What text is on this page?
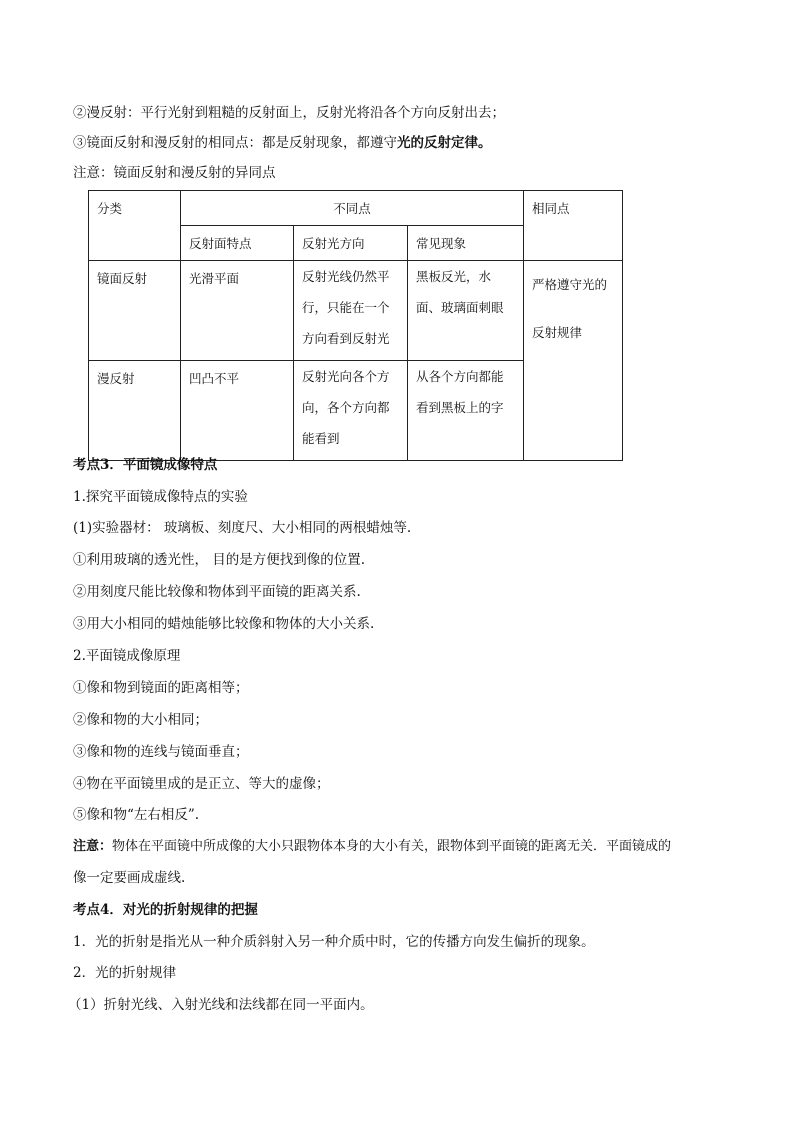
②漫反射：平行光射到粗糙的反射面上，反射光将沿各个方向反射出去；
③镜面反射和漫反射的相同点：都是反射现象，都遵守光的反射定律。
注意：镜面反射和漫反射的异同点
分类	不同点			相同点
	反射面特点	反射光方向	常见现象	
镜面反射	光滑平面	反射光线仍然平行，只能在一个方向看到反射光	黑板反光，水面、玻璃面刺眼	严格遵守光的反射规律
漫反射	凹凸不平	反射光向各个方向，各个方向都能看到	从各个方向都能看到黑板上的字	
考点3．平面镜成像特点
1.探究平面镜成像特点的实验
(1)实验器材： 玻璃板、刻度尺、大小相同的两根蜡烛等.
①利用玻璃的透光性， 目的是方便找到像的位置.
②用刻度尺能比较像和物体到平面镜的距离关系.
③用大小相同的蜡烛能够比较像和物体的大小关系.
2.平面镜成像原理
①像和物到镜面的距离相等；
②像和物的大小相同；
③像和物的连线与镜面垂直；
④物在平面镜里成的是正立、等大的虚像；
⑤像和物“左右相反”.
注意：物体在平面镜中所成像的大小只跟物体本身的大小有关，跟物体到平面镜的距离无关．平面镜成的
像一定要画成虚线.
考点4．对光的折射规律的把握
1．光的折射是指光从一种介质斜射入另一种介质中时，它的传播方向发生偏折的现象。
2．光的折射规律
（1）折射光线、入射光线和法线都在同一平面内。
